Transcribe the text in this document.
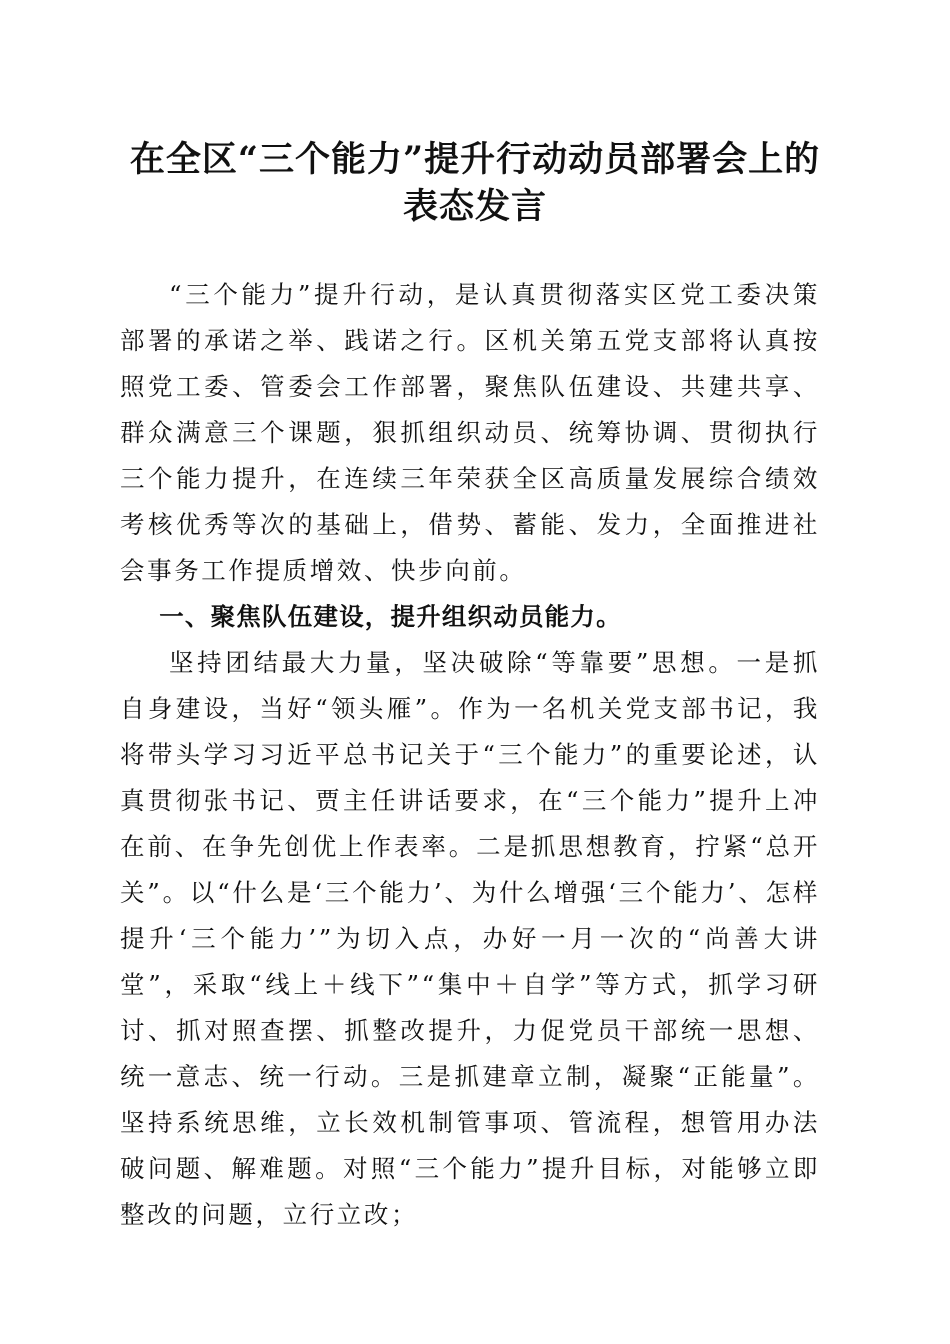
在全区“三个能力”提升行动动员部署会上的
表态发言

“三个能力”提升行动，是认真贯彻落实区党工委决策部署的承诺之举、践诺之行。区机关第五党支部将认真按照党工委、管委会工作部署，聚焦队伍建设、共建共享、群众满意三个课题，狠抓组织动员、统筹协调、贯彻执行三个能力提升，在连续三年荣获全区高质量发展综合绩效考核优秀等次的基础上，借势、蓄能、发力，全面推进社会事务工作提质增效、快步向前。

一、聚焦队伍建设，提升组织动员能力。

坚持团结最大力量，坚决破除“等靠要”思想。一是抓自身建设，当好“领头雁”。作为一名机关党支部书记，我将带头学习习近平总书记关于“三个能力”的重要论述，认真贯彻张书记、贾主任讲话要求，在“三个能力”提升上冲在前、在争先创优上作表率。二是抓思想教育，拧紧“总开关”。以“什么是‘三个能力’、为什么增强‘三个能力’、怎样提升‘三个能力’”为切入点，办好一月一次的“尚善大讲堂”，采取“线上＋线下”“集中＋自学”等方式，抓学习研讨、抓对照查摆、抓整改提升，力促党员干部统一思想、统一意志、统一行动。三是抓建章立制，凝聚“正能量”。坚持系统思维，立长效机制管事项、管流程，想管用办法破问题、解难题。对照“三个能力”提升目标，对能够立即整改的问题，立行立改；
